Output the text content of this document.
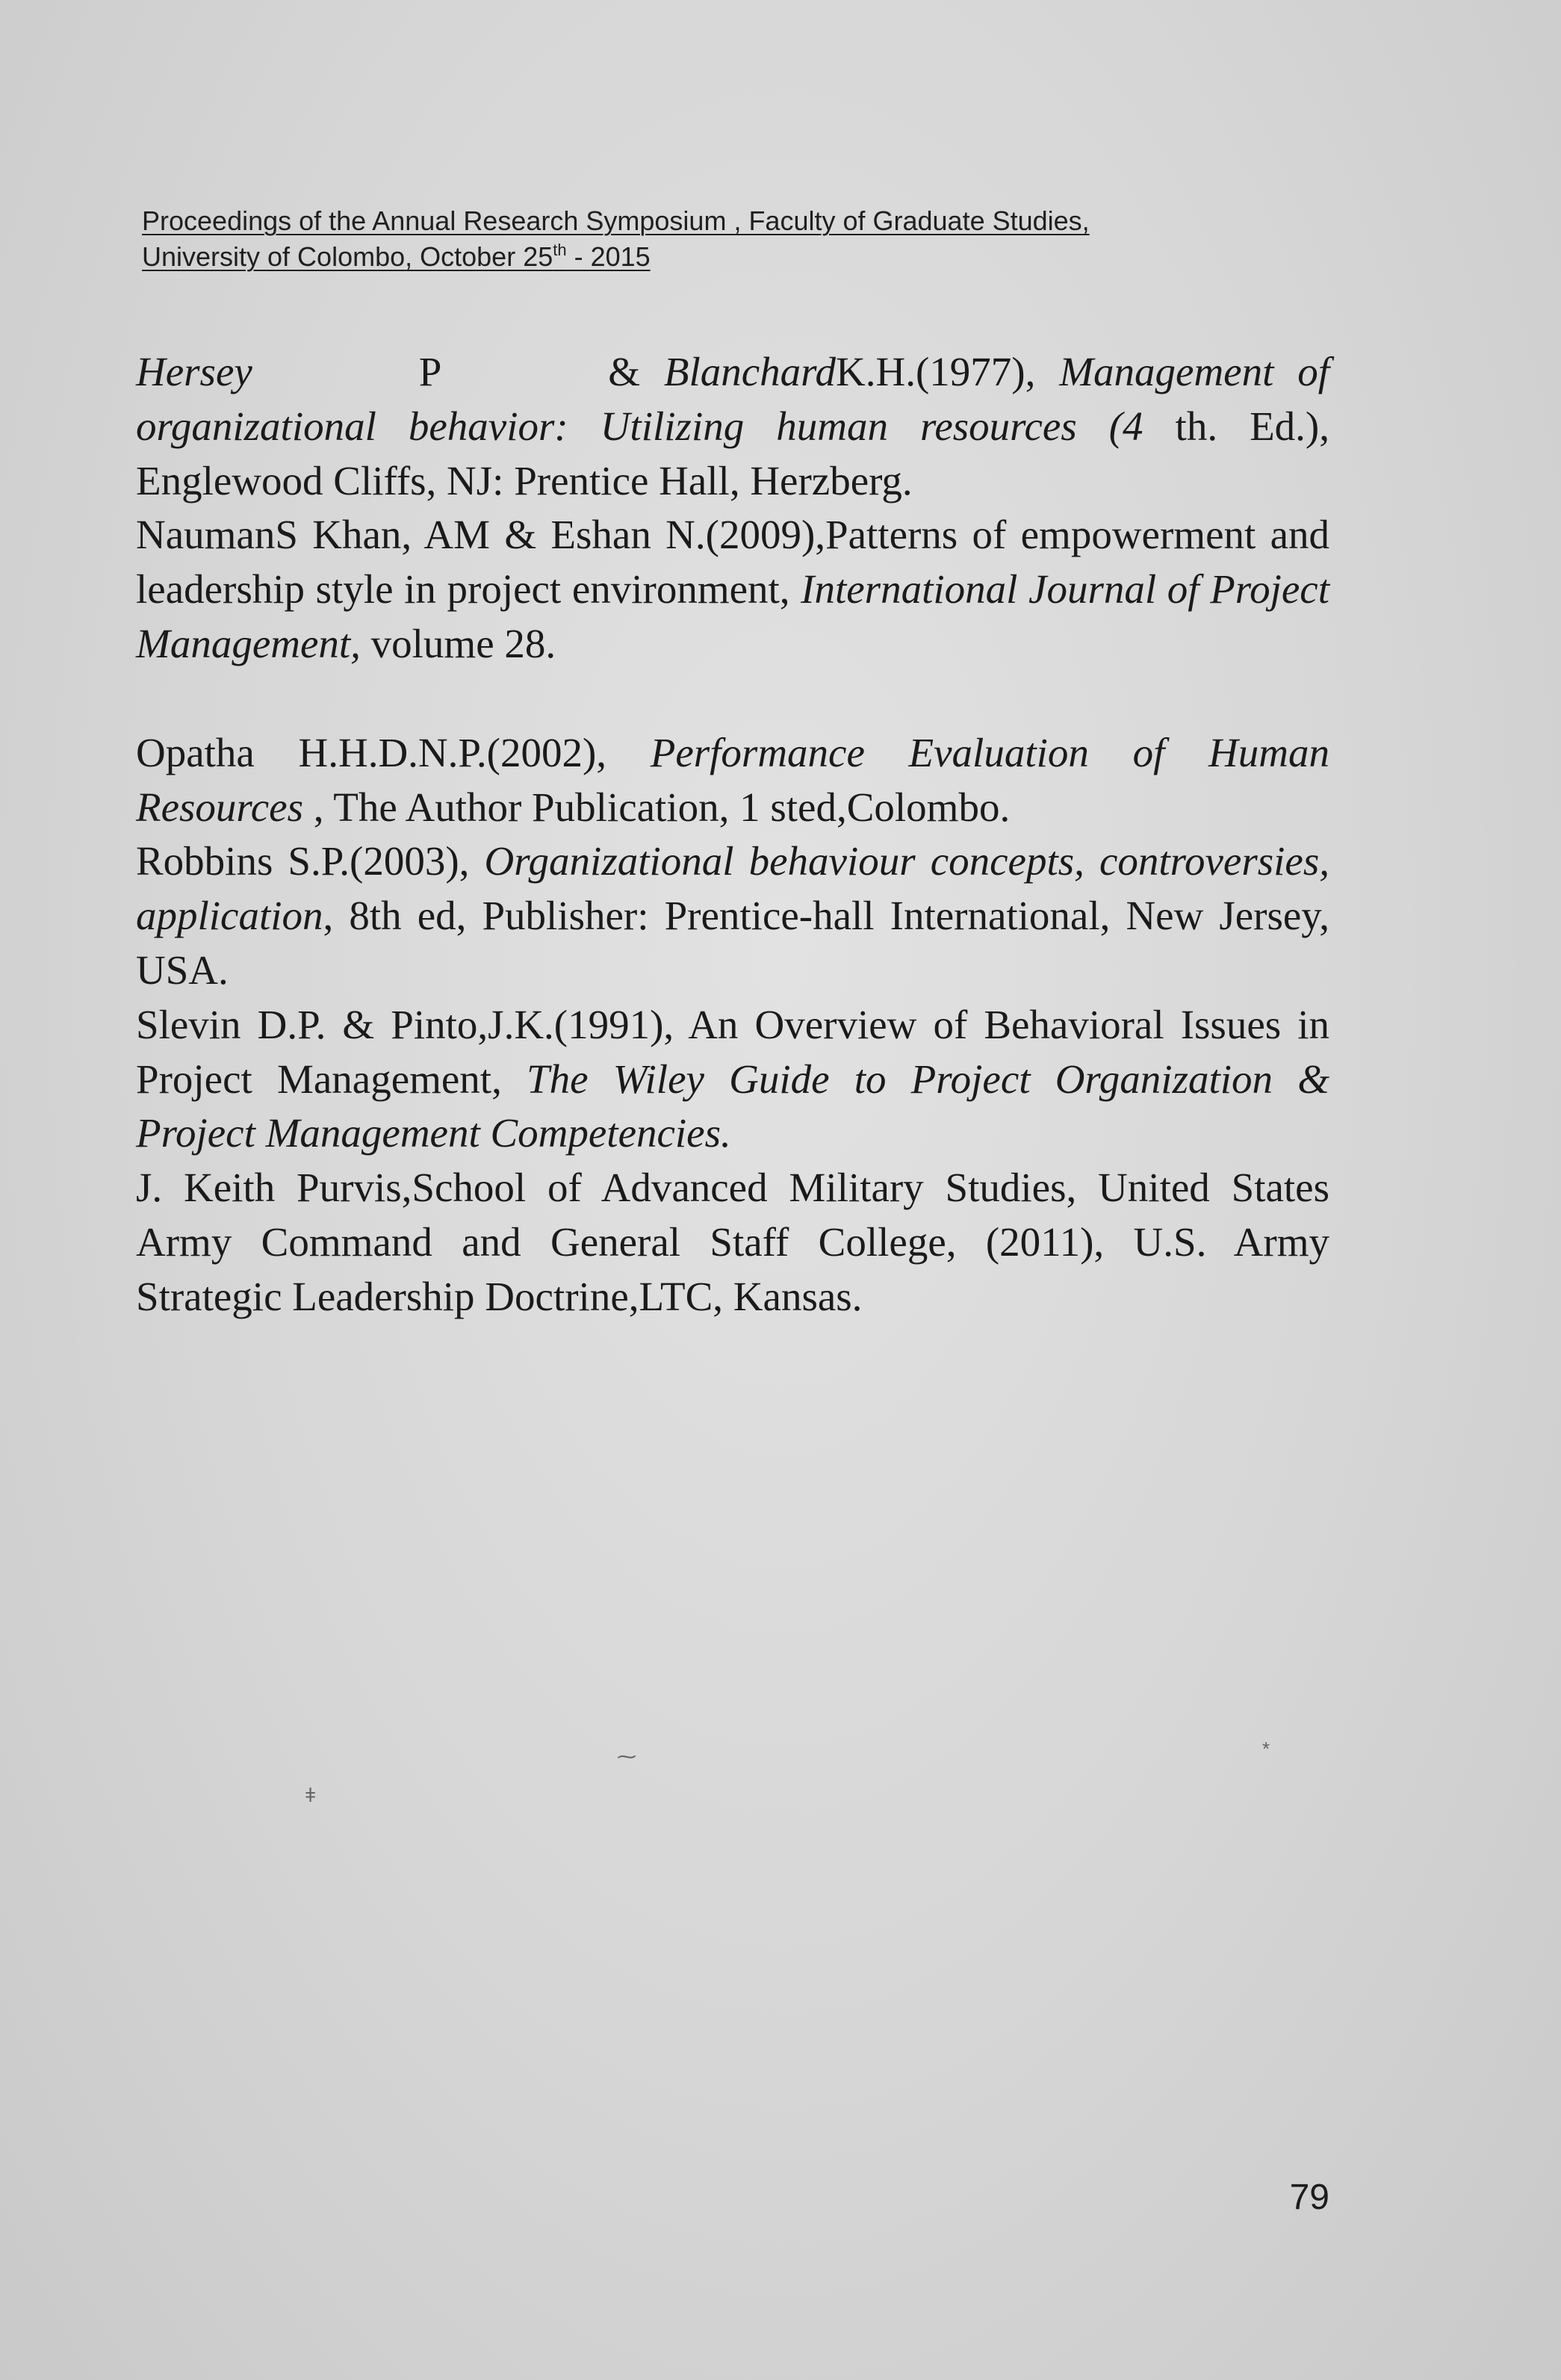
Proceedings of the Annual Research Symposium , Faculty of Graduate Studies,
University of Colombo, October 25th - 2015

Hersey       P       & BlanchardK.H.(1977), Management of organizational behavior: Utilizing human resources (4 th. Ed.), Englewood Cliffs, NJ: Prentice Hall, Herzberg.

NaumanS Khan, AM & Eshan N.(2009),Patterns of empowerment and leadership style in project environment, International Journal of Project Management, volume 28.

Opatha H.H.D.N.P.(2002), Performance Evaluation of Human Resources , The Author Publication, 1 sted,Colombo.

Robbins S.P.(2003), Organizational behaviour concepts, controversies, application, 8th ed, Publisher: Prentice-hall International, New Jersey, USA.

Slevin D.P. & Pinto,J.K.(1991), An Overview of Behavioral Issues in Project Management, The Wiley Guide to Project Organization & Project Management Competencies.

J. Keith Purvis,School of Advanced Military Studies, United States Army Command and General Staff College, (2011), U.S. Army Strategic Leadership Doctrine,LTC, Kansas.

⁓	*
ǂ
79
